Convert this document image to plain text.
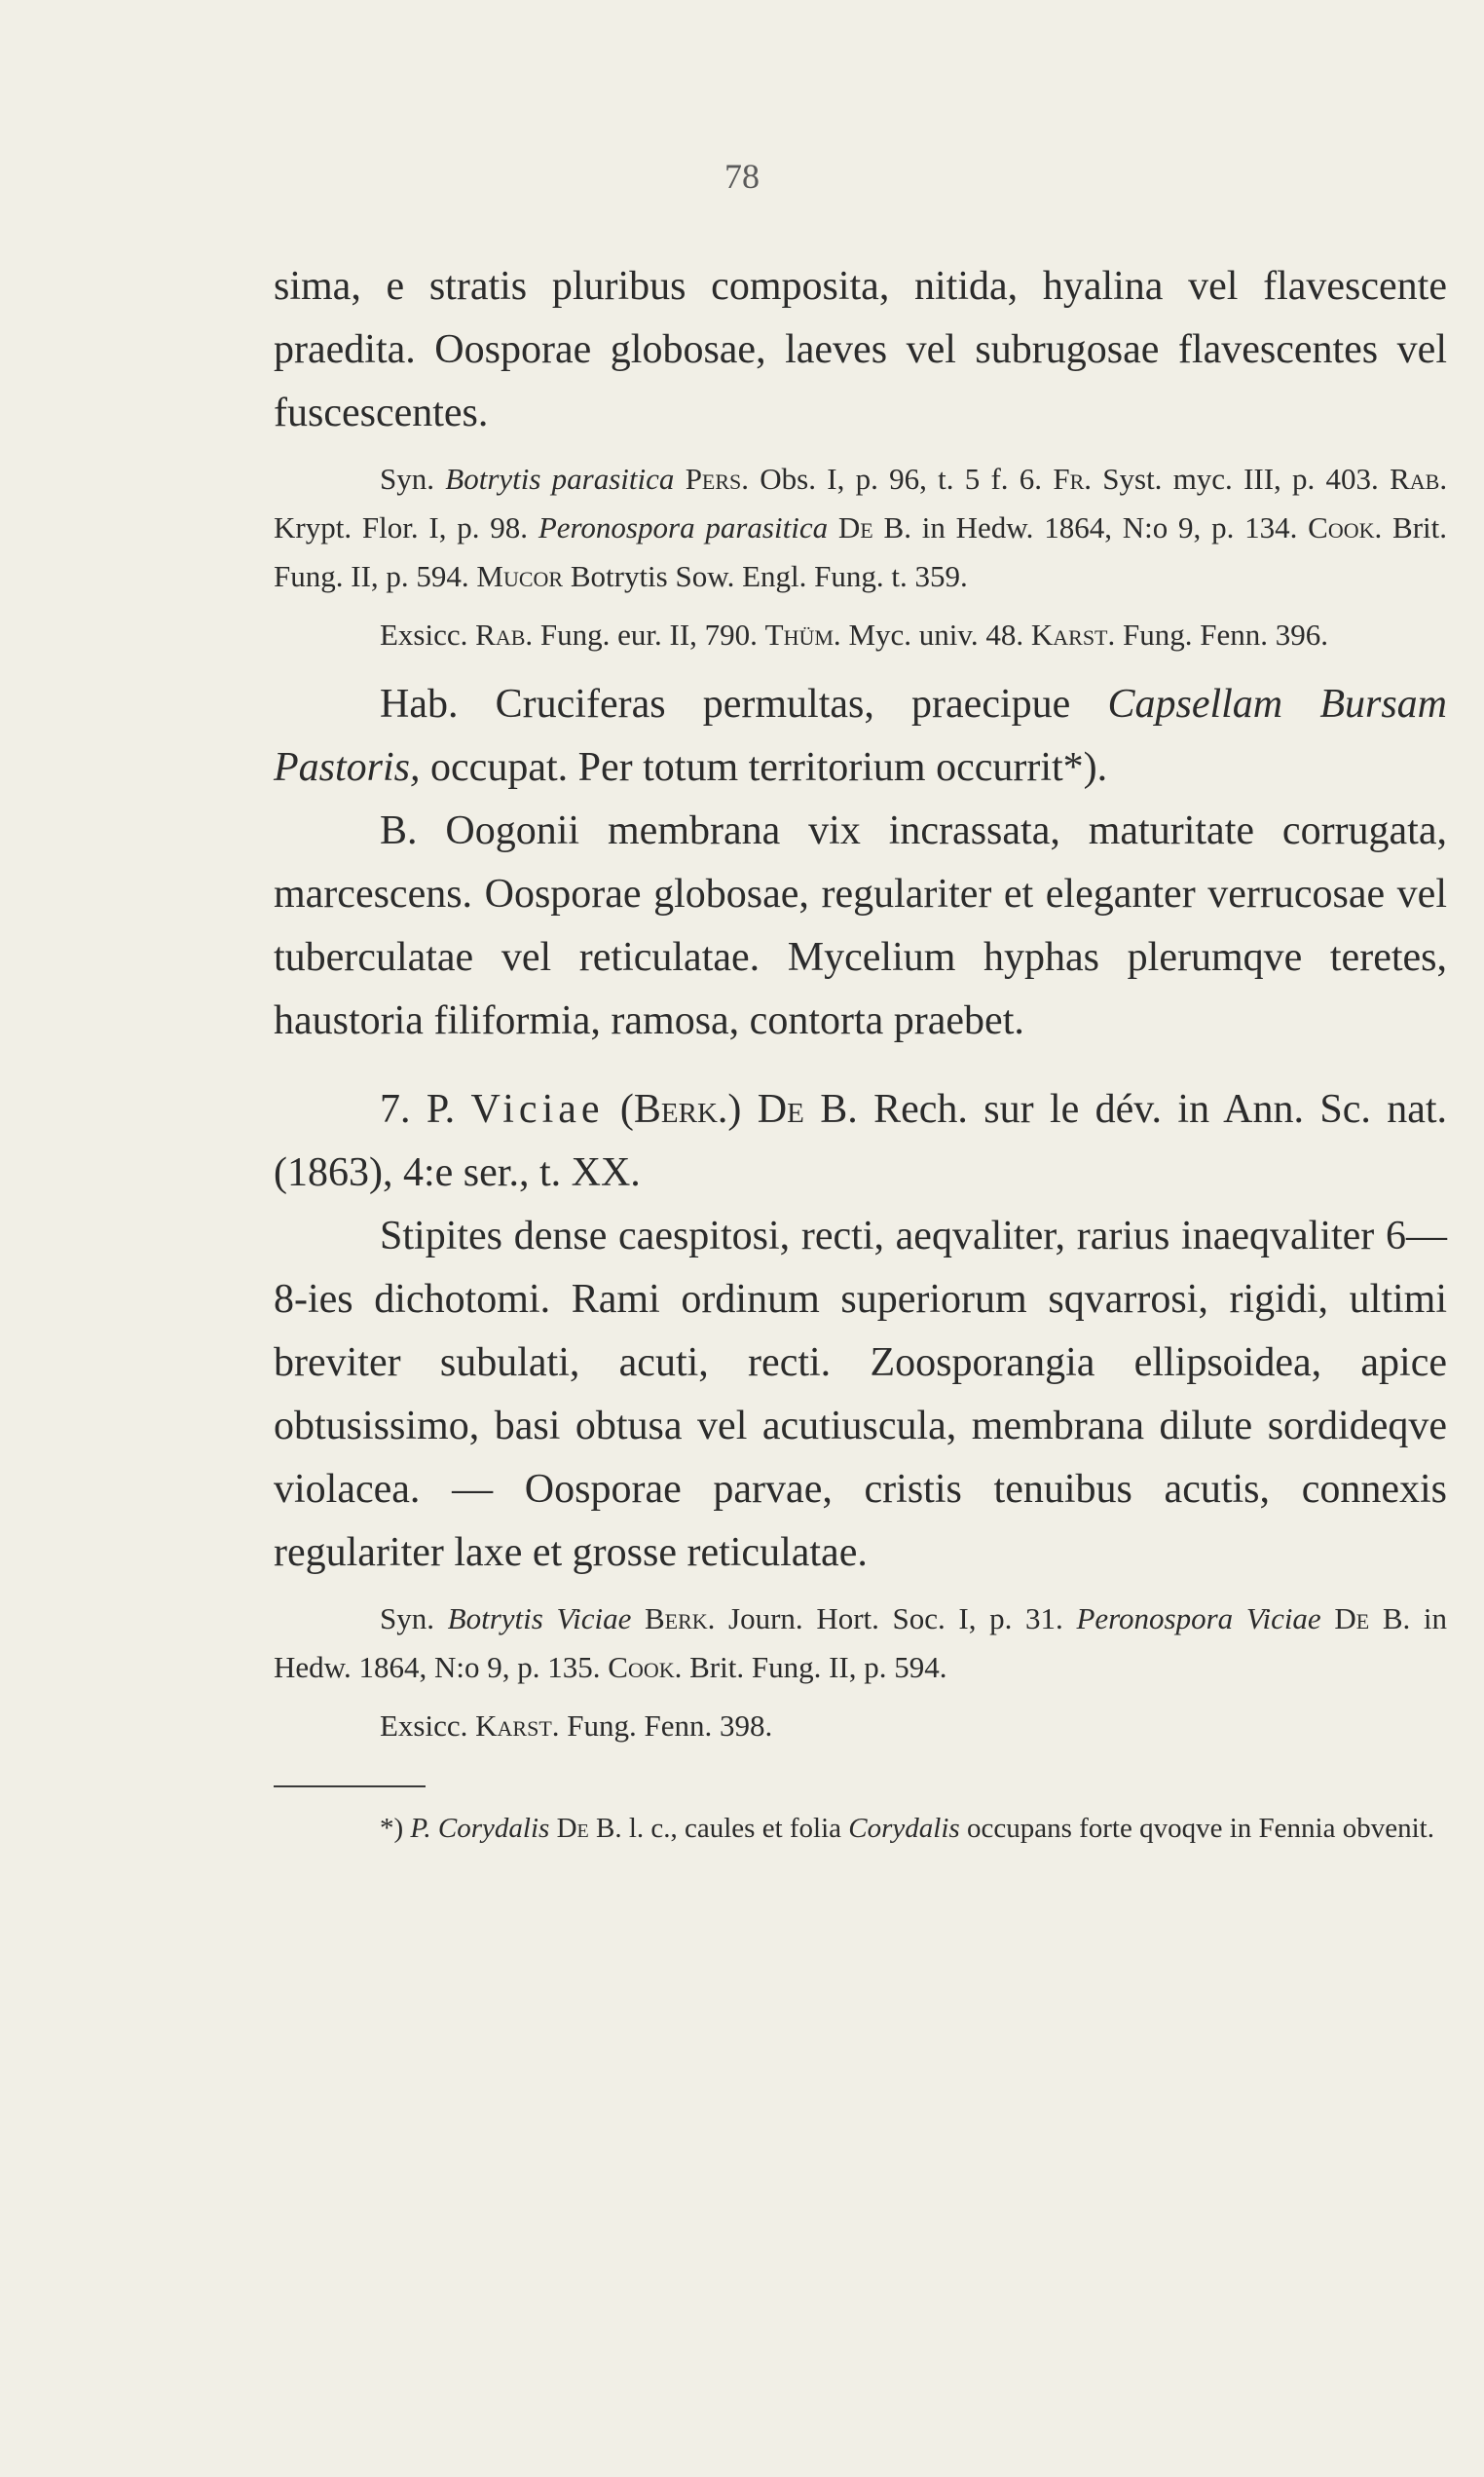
78

sima, e stratis pluribus composita, nitida, hyalina vel flavescente praedita. Oosporae globosae, laeves vel subrugosae flavescentes vel fuscescentes.

Syn. Botrytis parasitica Pers. Obs. I, p. 96, t. 5 f. 6. Fr. Syst. myc. III, p. 403. Rab. Krypt. Flor. I, p. 98. Peronospora parasitica De B. in Hedw. 1864, N:o 9, p. 134. Cook. Brit. Fung. II, p. 594. Mucor Botrytis Sow. Engl. Fung. t. 359.

Exsicc. Rab. Fung. eur. II, 790. Thüm. Myc. univ. 48. Karst. Fung. Fenn. 396.

Hab. Cruciferas permultas, praecipue Capsellam Bursam Pastoris, occupat. Per totum territorium occurrit*).

B. Oogonii membrana vix incrassata, maturitate corrugata, marcescens. Oosporae globosae, regulariter et eleganter verrucosae vel tuberculatae vel reticulatae. Mycelium hyphas plerumqve teretes, haustoria filiformia, ramosa, contorta praebet.

7. P. Viciae (Berk.) De B. Rech. sur le dév. in Ann. Sc. nat. (1863), 4:e ser., t. XX.

Stipites dense caespitosi, recti, aeqvaliter, rarius inaeqvaliter 6—8-ies dichotomi. Rami ordinum superiorum sqvarrosi, rigidi, ultimi breviter subulati, acuti, recti. Zoosporangia ellipsoidea, apice obtusissimo, basi obtusa vel acutiuscula, membrana dilute sordideqve violacea. — Oosporae parvae, cristis tenuibus acutis, connexis regulariter laxe et grosse reticulatae.

Syn. Botrytis Viciae Berk. Journ. Hort. Soc. I, p. 31. Peronospora Viciae De B. in Hedw. 1864, N:o 9, p. 135. Cook. Brit. Fung. II, p. 594.

Exsicc. Karst. Fung. Fenn. 398.

*) P. Corydalis De B. l. c., caules et folia Corydalis occupans forte qvoqve in Fennia obvenit.
